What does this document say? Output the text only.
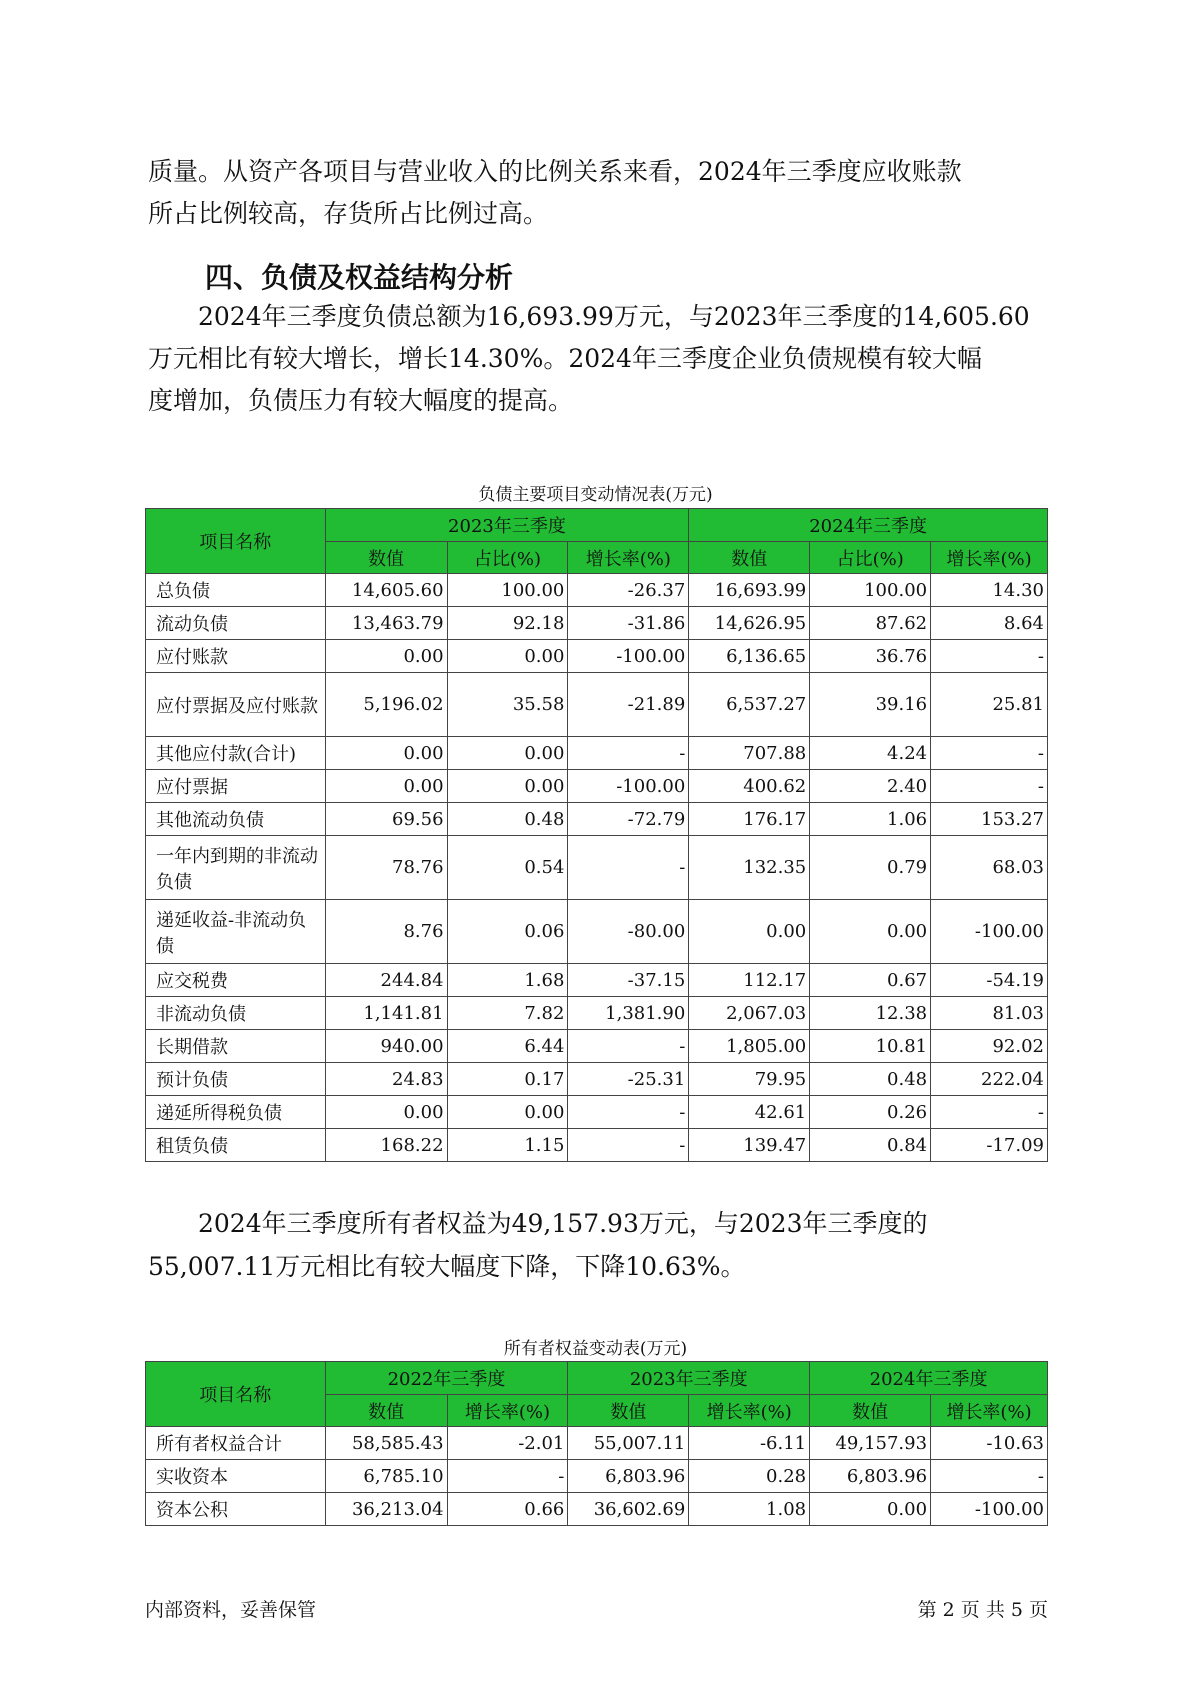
质量。从资产各项目与营业收入的比例关系来看，2024年三季度应收账款

所占比例较高，存货所占比例过高。

四、负债及权益结构分析

2024年三季度负债总额为16,693.99万元，与2023年三季度的14,605.60

万元相比有较大增长，增长14.30%。2024年三季度企业负债规模有较大幅

度增加，负债压力有较大幅度的提高。

负债主要项目变动情况表(万元)

项目名称	2023年三季度			2024年三季度		
	数值	占比(%)	增长率(%)	数值	占比(%)	增长率(%)
总负债	14,605.60	100.00	-26.37	16,693.99	100.00	14.30
流动负债	13,463.79	92.18	-31.86	14,626.95	87.62	8.64
应付账款	0.00	0.00	-100.00	6,136.65	36.76	-
应付票据及应付账款	5,196.02	35.58	-21.89	6,537.27	39.16	25.81
其他应付款(合计)	0.00	0.00	-	707.88	4.24	-
应付票据	0.00	0.00	-100.00	400.62	2.40	-
其他流动负债	69.56	0.48	-72.79	176.17	1.06	153.27
一年内到期的非流动负债	78.76	0.54	-	132.35	0.79	68.03
递延收益-非流动负债	8.76	0.06	-80.00	0.00	0.00	-100.00
应交税费	244.84	1.68	-37.15	112.17	0.67	-54.19
非流动负债	1,141.81	7.82	1,381.90	2,067.03	12.38	81.03
长期借款	940.00	6.44	-	1,805.00	10.81	92.02
预计负债	24.83	0.17	-25.31	79.95	0.48	222.04
递延所得税负债	0.00	0.00	-	42.61	0.26	-
租赁负债	168.22	1.15	-	139.47	0.84	-17.09

2024年三季度所有者权益为49,157.93万元，与2023年三季度的

55,007.11万元相比有较大幅度下降，下降10.63%。

所有者权益变动表(万元)

项目名称	2022年三季度		2023年三季度		2024年三季度	
	数值	增长率(%)	数值	增长率(%)	数值	增长率(%)
所有者权益合计	58,585.43	-2.01	55,007.11	-6.11	49,157.93	-10.63
实收资本	6,785.10	-	6,803.96	0.28	6,803.96	-
资本公积	36,213.04	0.66	36,602.69	1.08	0.00	-100.00

内部资料，妥善保管	第 2 页 共 5 页
